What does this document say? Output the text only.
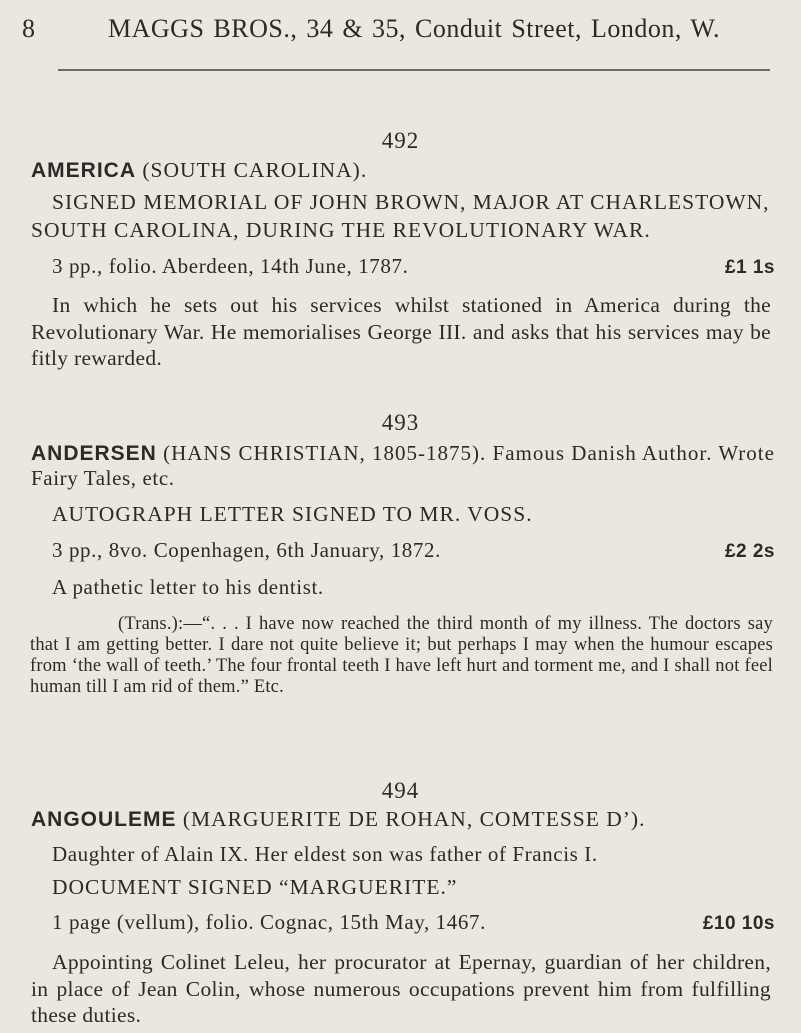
8	MAGGS BROS., 34 & 35, Conduit Street, London, W.
492
AMERICA (SOUTH CAROLINA).
SIGNED MEMORIAL OF JOHN BROWN, MAJOR AT CHARLESTOWN,
SOUTH CAROLINA, DURING THE REVOLUTIONARY WAR.
3 pp., folio. Aberdeen, 14th June, 1787.	£1 1s
In which he sets out his services whilst stationed in America during the Revolutionary War. He memorialises George III. and asks that his services may be fitly rewarded.
493
ANDERSEN (HANS CHRISTIAN, 1805-1875). Famous Danish Author. Wrote
Fairy Tales, etc.
AUTOGRAPH LETTER SIGNED TO MR. VOSS.
3 pp., 8vo. Copenhagen, 6th January, 1872.	£2 2s
A pathetic letter to his dentist.
(Trans.):—“. . . I have now reached the third month of my illness. The doctors say that I am getting better. I dare not quite believe it; but perhaps I may when the humour escapes from ‘the wall of teeth.’ The four frontal teeth I have left hurt and torment me, and I shall not feel human till I am rid of them.” Etc.
494
ANGOULEME (MARGUERITE DE ROHAN, COMTESSE D’).
Daughter of Alain IX. Her eldest son was father of Francis I.
DOCUMENT SIGNED “MARGUERITE.”
1 page (vellum), folio. Cognac, 15th May, 1467.	£10 10s
Appointing Colinet Leleu, her procurator at Epernay, guardian of her children, in place of Jean Colin, whose numerous occupations prevent him from fulfilling these duties.
